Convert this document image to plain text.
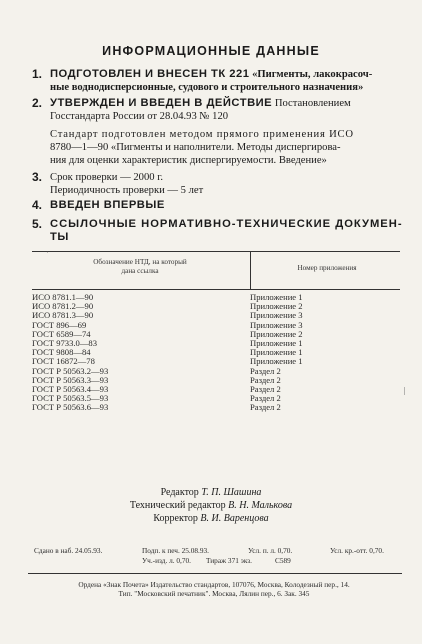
ИНФОРМАЦИОННЫЕ ДАННЫЕ
1. ПОДГОТОВЛЕН И ВНЕСЕН ТК 221 «Пигменты, лакокрасоч-
ные воднодисперсионные, судового и строительного назначения»
2. УТВЕРЖДЕН И ВВЕДЕН В ДЕЙСТВИЕ Постановлением
Госстандарта России от 28.04.93 № 120
Стандарт подготовлен методом прямого применения ИСО
8780—1—90 «Пигменты и наполнители. Методы диспергирова-
ния для оценки характеристик диспергируемости. Введение»
3. Срок проверки — 2000 г.
Периодичность проверки — 5 лет
4. ВВЕДЕН ВПЕРВЫЕ
5. ССЫЛОЧНЫЕ НОРМАТИВНО-ТЕХНИЧЕСКИЕ ДОКУМЕН-
ТЫ
Обозначение НТД, на который
дана ссылка	Номер приложения
ИСО 8781.1—90	Приложение 1
ИСО 8781.2—90	Приложение 2
ИСО 8781.3—90	Приложение 3
ГОСТ 896—69	Приложение 3
ГОСТ 6589—74	Приложение 2
ГОСТ 9733.0—83	Приложение 1
ГОСТ 9808—84	Приложение 1
ГОСТ 16872—78	Приложение 1
ГОСТ Р 50563.2—93	Раздел 2
ГОСТ Р 50563.3—93	Раздел 2
ГОСТ Р 50563.4—93	Раздел 2
ГОСТ Р 50563.5—93	Раздел 2
ГОСТ Р 50563.6—93	Раздел 2
|
˙
Редактор Т. П. Шашина
Технический редактор В. Н. Малькова
Корректор В. И. Варенцова
Сдано в наб. 24.05.93.	Подп. к печ. 25.08.93.	Усл. п. л. 0,70.	Усл. кр.-отт. 0,70.
Уч.-изд. л. 0,70. Тираж 371 экз.	С589
Ордена «Знак Почета» Издательство стандартов, 107076, Москва, Колодезный пер., 14.
Тип. "Московский печатник". Москва, Лялин пер., 6. Зак. 345
